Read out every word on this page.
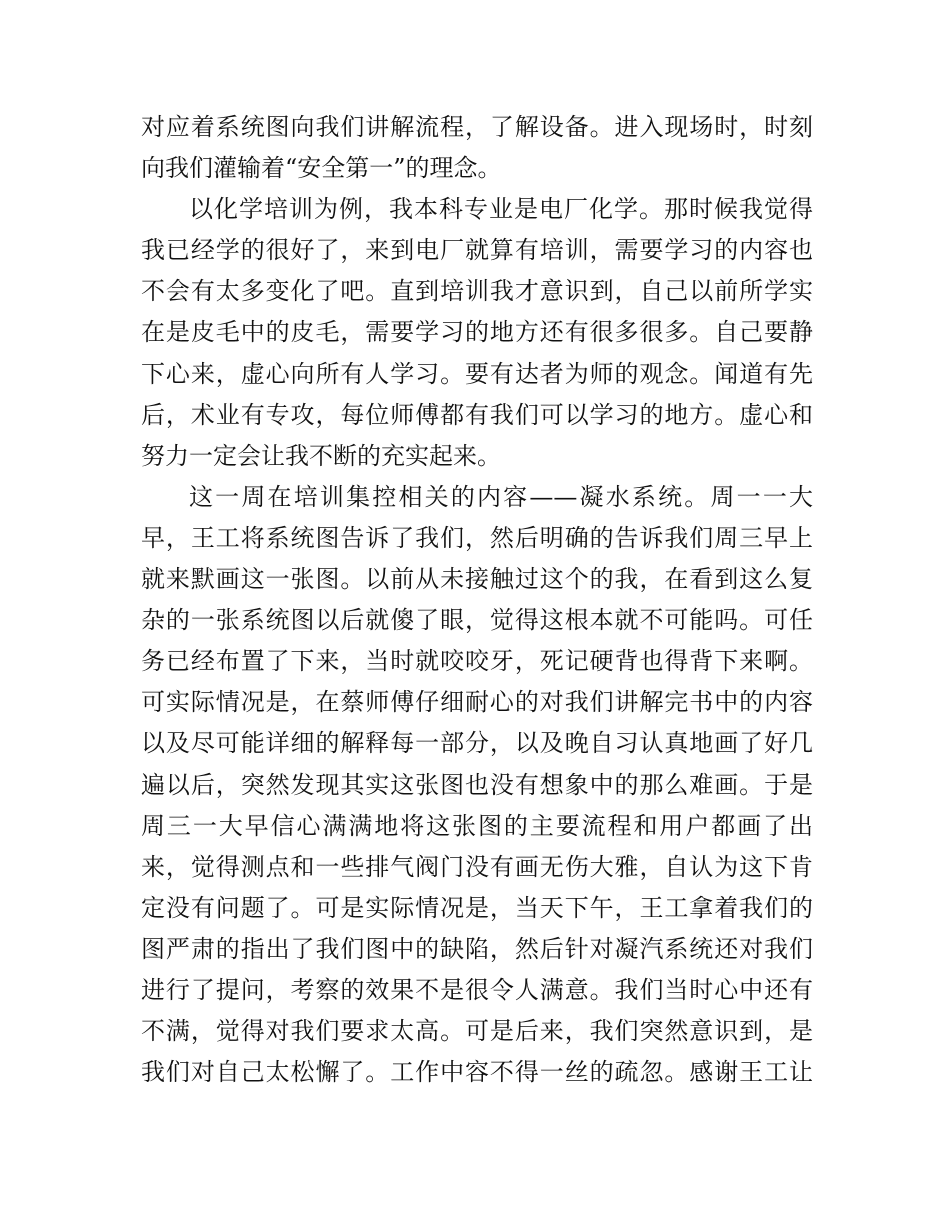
对应着系统图向我们讲解流程，了解设备。进入现场时，时刻
向我们灌输着“安全第一”的理念。
以化学培训为例，我本科专业是电厂化学。那时候我觉得
我已经学的很好了，来到电厂就算有培训，需要学习的内容也
不会有太多变化了吧。直到培训我才意识到，自己以前所学实
在是皮毛中的皮毛，需要学习的地方还有很多很多。自己要静
下心来，虚心向所有人学习。要有达者为师的观念。闻道有先
后，术业有专攻，每位师傅都有我们可以学习的地方。虚心和
努力一定会让我不断的充实起来。
这一周在培训集控相关的内容——凝水系统。周一一大
早，王工将系统图告诉了我们，然后明确的告诉我们周三早上
就来默画这一张图。以前从未接触过这个的我，在看到这么复
杂的一张系统图以后就傻了眼，觉得这根本就不可能吗。可任
务已经布置了下来，当时就咬咬牙，死记硬背也得背下来啊。
可实际情况是，在蔡师傅仔细耐心的对我们讲解完书中的内容
以及尽可能详细的解释每一部分，以及晚自习认真地画了好几
遍以后，突然发现其实这张图也没有想象中的那么难画。于是
周三一大早信心满满地将这张图的主要流程和用户都画了出
来，觉得测点和一些排气阀门没有画无伤大雅，自认为这下肯
定没有问题了。可是实际情况是，当天下午，王工拿着我们的
图严肃的指出了我们图中的缺陷，然后针对凝汽系统还对我们
进行了提问，考察的效果不是很令人满意。我们当时心中还有
不满，觉得对我们要求太高。可是后来，我们突然意识到，是
我们对自己太松懈了。工作中容不得一丝的疏忽。感谢王工让
